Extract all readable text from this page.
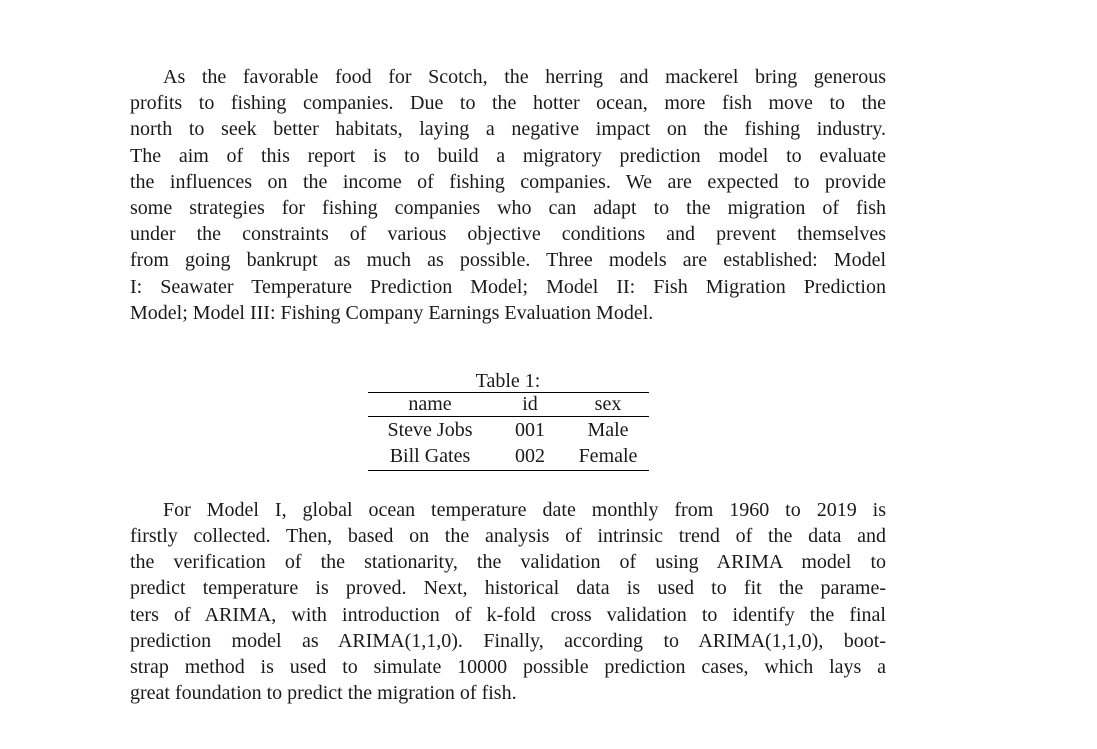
As the favorable food for Scotch, the herring and mackerel bring generous
profits to fishing companies. Due to the hotter ocean, more fish move to the
north to seek better habitats, laying a negative impact on the fishing industry.
The aim of this report is to build a migratory prediction model to evaluate
the influences on the income of fishing companies. We are expected to provide
some strategies for fishing companies who can adapt to the migration of fish
under the constraints of various objective conditions and prevent themselves
from going bankrupt as much as possible. Three models are established: Model
I: Seawater Temperature Prediction Model; Model II: Fish Migration Prediction
Model; Model III: Fishing Company Earnings Evaluation Model.
Table 1:
name	id	sex
Steve Jobs	001	Male
Bill Gates	002	Female
For Model I, global ocean temperature date monthly from 1960 to 2019 is
firstly collected. Then, based on the analysis of intrinsic trend of the data and
the verification of the stationarity, the validation of using ARIMA model to
predict temperature is proved. Next, historical data is used to fit the parame-
ters of ARIMA, with introduction of k-fold cross validation to identify the final
prediction model as ARIMA(1,1,0). Finally, according to ARIMA(1,1,0), boot-
strap method is used to simulate 10000 possible prediction cases, which lays a
great foundation to predict the migration of fish.
